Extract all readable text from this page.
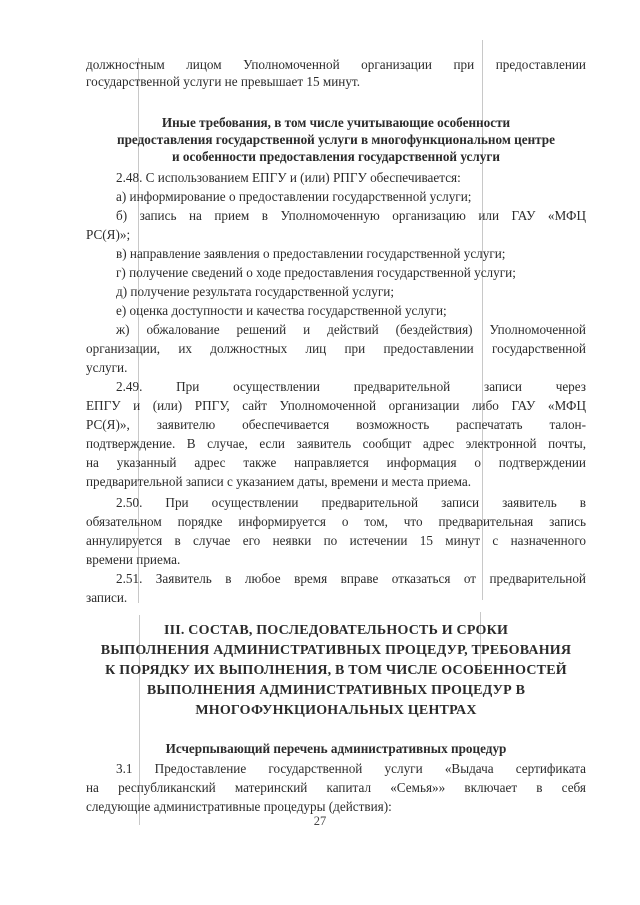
должностным лицом Уполномоченной организации при предоставлении
государственной услуги не превышает 15 минут.
Иные требования, в том числе учитывающие особенности
предоставления государственной услуги в многофункциональном центре
и особенности предоставления государственной услуги
2.48. С использованием ЕПГУ и (или) РПГУ обеспечивается:
а) информирование о предоставлении государственной услуги;
б) запись на прием в Уполномоченную организацию или ГАУ «МФЦ
РС(Я)»;
в) направление заявления о предоставлении государственной услуги;
г) получение сведений о ходе предоставления государственной услуги;
д) получение результата государственной услуги;
е) оценка доступности и качества государственной услуги;
ж) обжалование решений и действий (бездействия) Уполномоченной
организации, их должностных лиц при предоставлении государственной
услуги.
2.49. При осуществлении предварительной записи через
ЕПГУ и (или) РПГУ, сайт Уполномоченной организации либо ГАУ «МФЦ
РС(Я)», заявителю обеспечивается возможность распечатать талон-
подтверждение. В случае, если заявитель сообщит адрес электронной почты,
на указанный адрес также направляется информация о подтверждении
предварительной записи с указанием даты, времени и места приема.
2.50. При осуществлении предварительной записи заявитель в
обязательном порядке информируется о том, что предварительная запись
аннулируется в случае его неявки по истечении 15 минут с назначенного
времени приема.
2.51. Заявитель в любое время вправе отказаться от предварительной
записи.
III. СОСТАВ, ПОСЛЕДОВАТЕЛЬНОСТЬ И СРОКИ
ВЫПОЛНЕНИЯ АДМИНИСТРАТИВНЫХ ПРОЦЕДУР, ТРЕБОВАНИЯ
К ПОРЯДКУ ИХ ВЫПОЛНЕНИЯ, В ТОМ ЧИСЛЕ ОСОБЕННОСТЕЙ
ВЫПОЛНЕНИЯ АДМИНИСТРАТИВНЫХ ПРОЦЕДУР В
МНОГОФУНКЦИОНАЛЬНЫХ ЦЕНТРАХ
Исчерпывающий перечень административных процедур
3.1 Предоставление государственной услуги «Выдача сертификата
на республиканский материнский капитал «Семья»» включает в себя
следующие административные процедуры (действия):
27
